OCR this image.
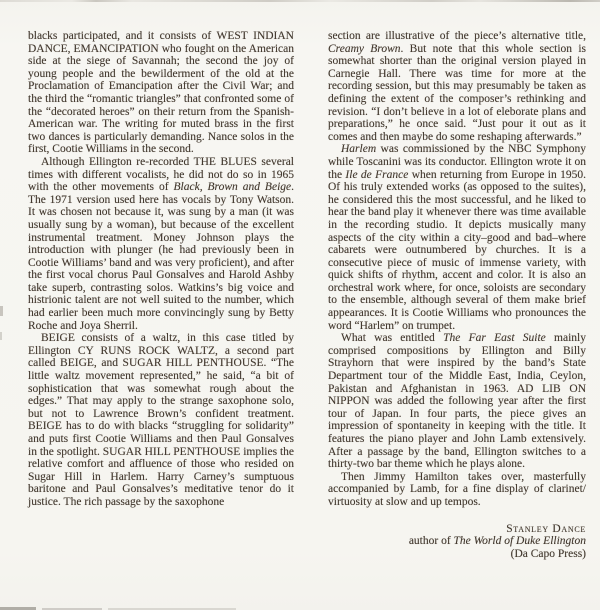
blacks participated, and it consists of WEST INDIAN DANCE, EMANCIPATION who fought on the American side at the siege of Savannah; the second the joy of young people and the bewilderment of the old at the Proclamation of Emancipation after the Civil War; and the third the “romantic triangles” that confronted some of the “decorated heroes” on their return from the Spanish-American war. The writing for muted brass in the first two dances is particularly demanding. Nance solos in the first, Cootie Williams in the second.

Although Ellington re-recorded THE BLUES several times with different vocalists, he did not do so in 1965 with the other movements of Black, Brown and Beige. The 1971 version used here has vocals by Tony Watson. It was chosen not because it, was sung by a man (it was usually sung by a woman), but because of the excellent instrumental treatment. Money Johnson plays the introduction with plunger (he had previously been in Cootie Williams’ band and was very proficient), and after the first vocal chorus Paul Gonsalves and Harold Ashby take superb, contrasting solos. Watkins’s big voice and histrionic talent are not well suited to the number, which had earlier been much more convincingly sung by Betty Roche and Joya Sherril.

BEIGE consists of a waltz, in this case titled by Ellington CY RUNS ROCK WALTZ, a second part called BEIGE, and SUGAR HILL PENTHOUSE. “The little waltz movement represented,” he said, “a bit of sophistication that was somewhat rough about the edges.” That may apply to the strange saxophone solo, but not to Lawrence Brown’s confident treatment. BEIGE has to do with blacks “struggling for solidarity” and puts first Cootie Williams and then Paul Gonsalves in the spotlight. SUGAR HILL PENTHOUSE implies the relative comfort and affluence of those who resided on Sugar Hill in Harlem. Harry Carney’s sumptuous baritone and Paul Gonsalves’s meditative tenor do it justice. The rich passage by the saxophone

section are illustrative of the piece’s alternative title, Creamy Brown. But note that this whole section is somewhat shorter than the original version played in Carnegie Hall. There was time for more at the recording session, but this may presumably be taken as defining the extent of the composer’s rethinking and revision. “I don’t believe in a lot of eleborate plans and preparations,” he once said. “Just pour it out as it comes and then maybe do some reshaping afterwards.”

Harlem was commissioned by the NBC Symphony while Toscanini was its conductor. Ellington wrote it on the Ile de France when returning from Europe in 1950. Of his truly extended works (as opposed to the suites), he considered this the most successful, and he liked to hear the band play it whenever there was time available in the recording studio. It depicts musically many aspects of the city within a city–good and bad–where cabarets were outnumbered by churches. It is a consecutive piece of music of immense variety, with quick shifts of rhythm, accent and color. It is also an orchestral work where, for once, soloists are secondary to the ensemble, although several of them make brief appearances. It is Cootie Williams who pronounces the word “Harlem” on trumpet.

What was entitled The Far East Suite mainly comprised compositions by Ellington and Billy Strayhorn that were inspired by the band’s State Department tour of the Middle East, India, Ceylon, Pakistan and Afghanistan in 1963. AD LIB ON NIPPON was added the following year after the first tour of Japan. In four parts, the piece gives an impression of spontaneity in keeping with the title. It features the piano player and John Lamb extensively. After a passage by the band, Ellington switches to a thirty-two bar theme which he plays alone.

Then Jimmy Hamilton takes over, masterfully accompanied by Lamb, for a fine display of clarinet/ virtuosity at slow and up tempos.

Stanley Dance
author of The World of Duke Ellington
(Da Capo Press)
